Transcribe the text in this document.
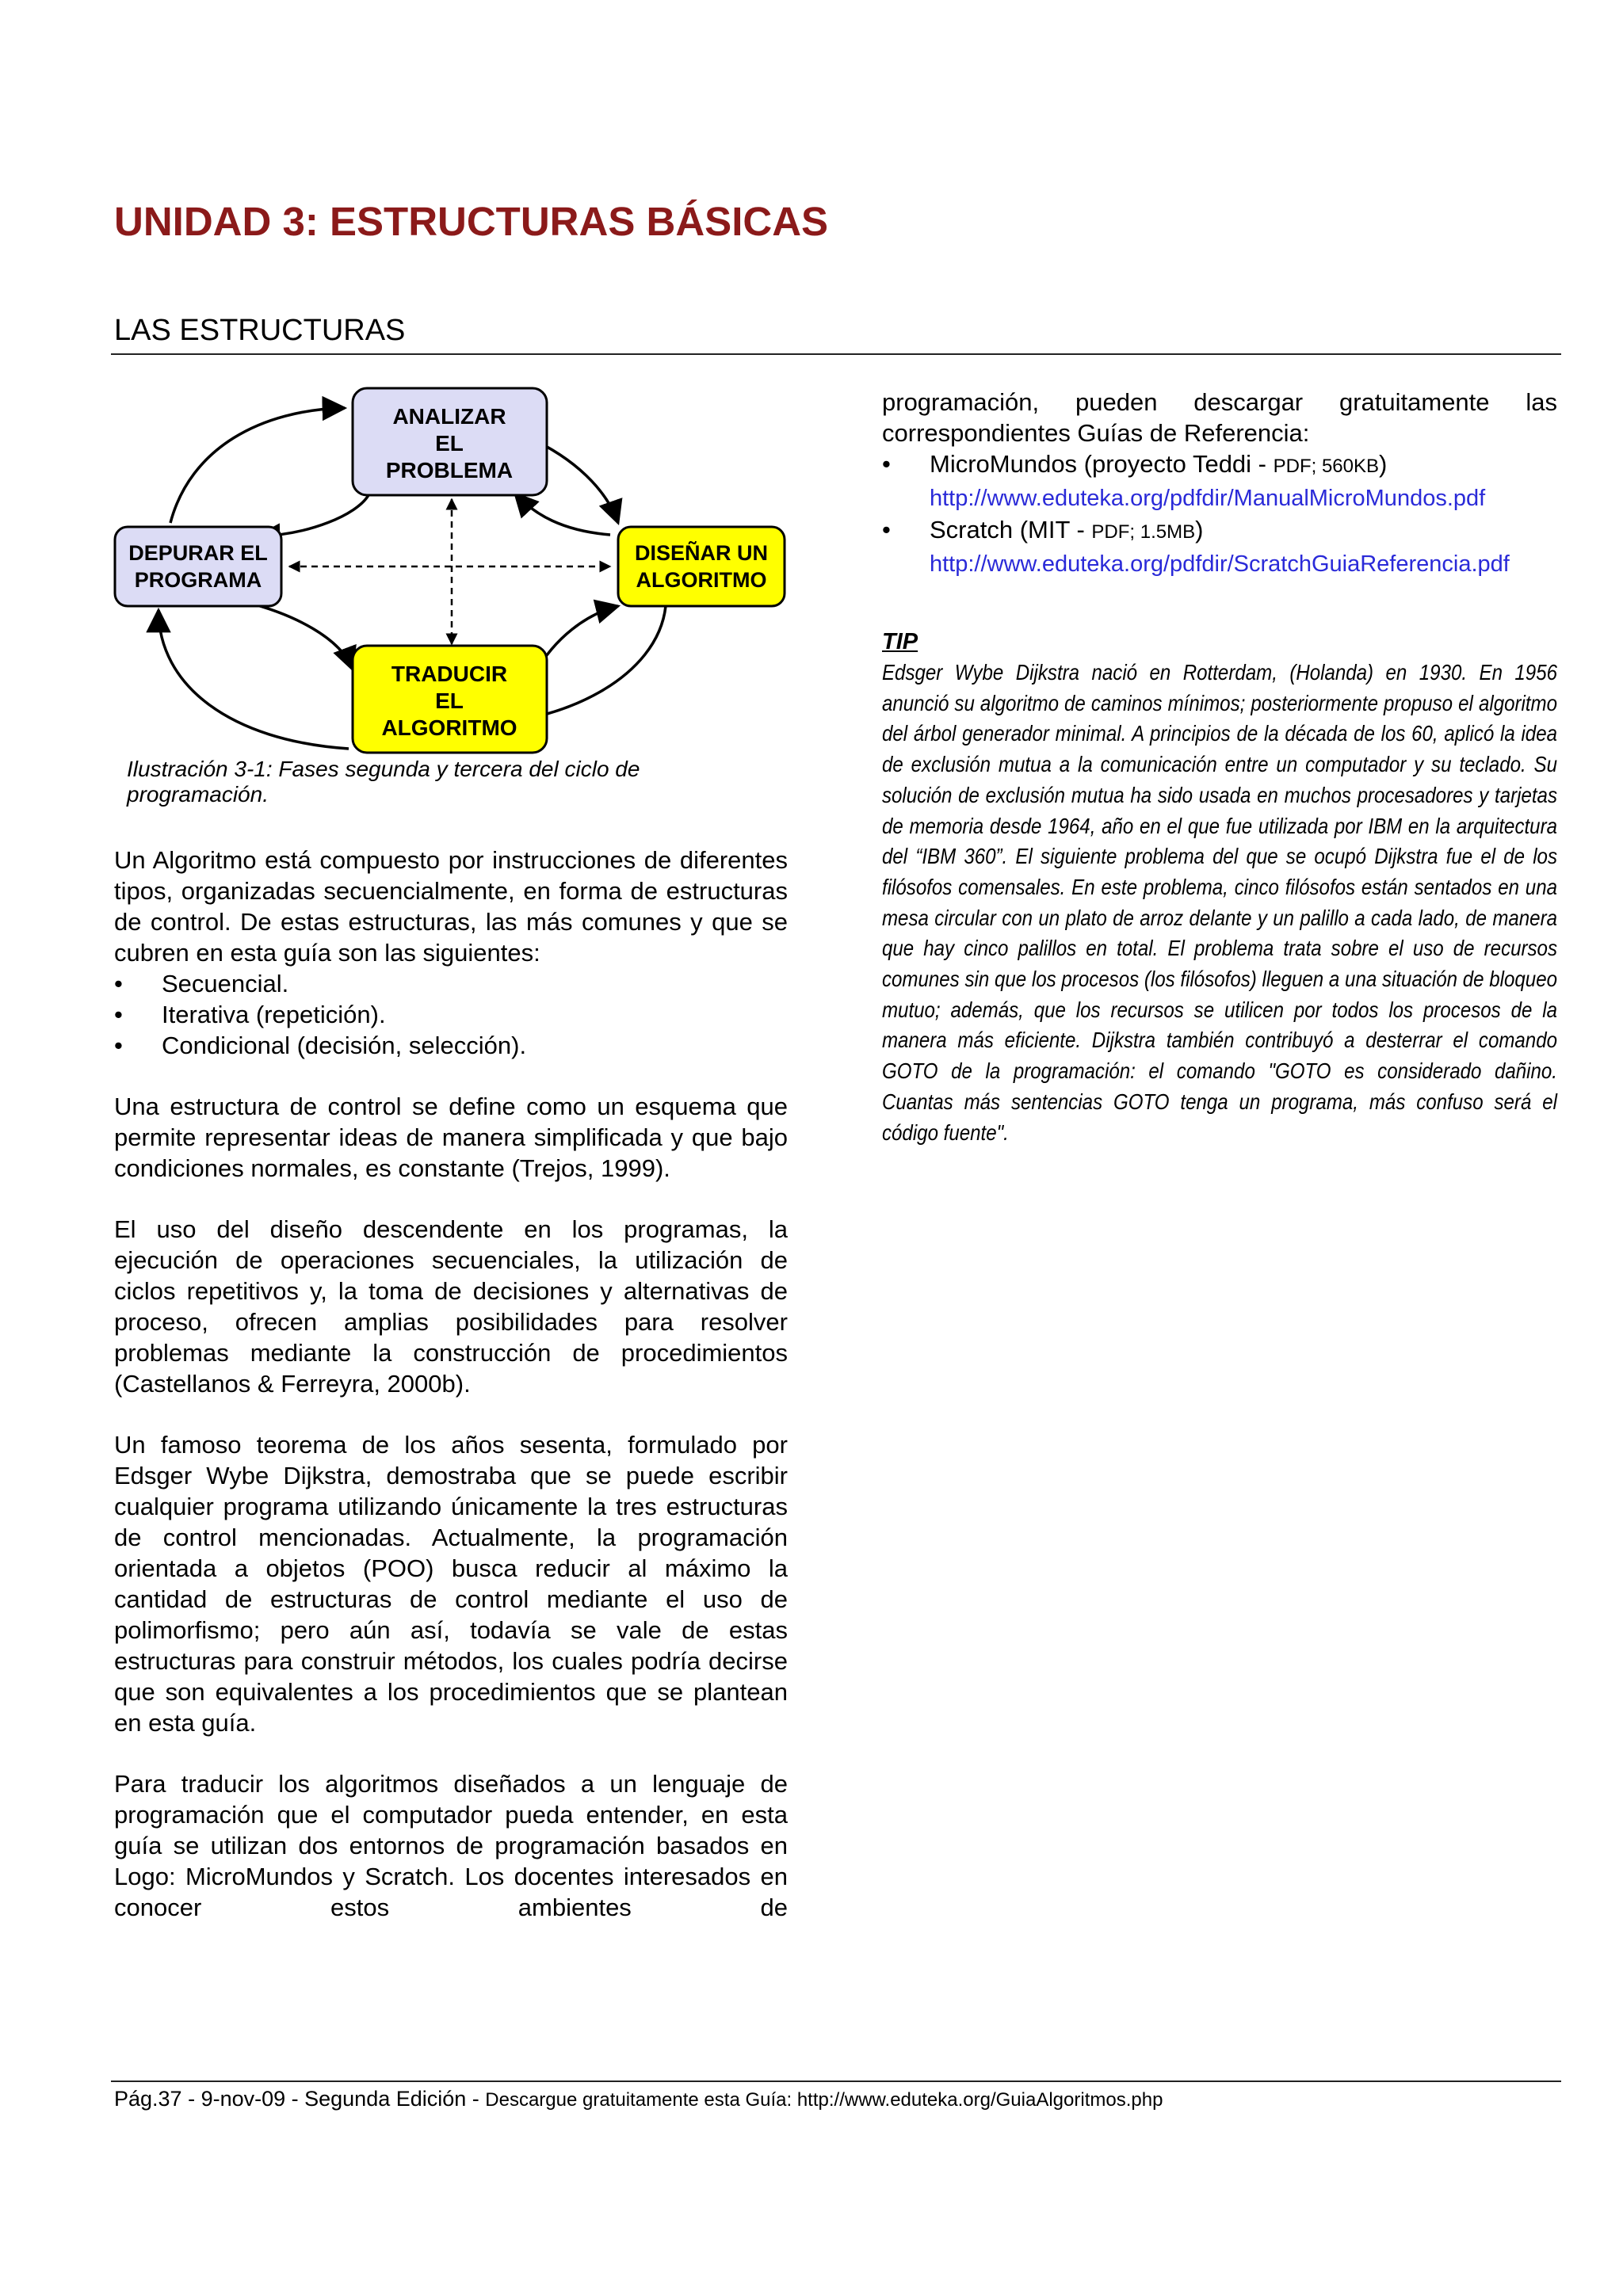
UNIDAD 3: ESTRUCTURAS BÁSICAS
LAS ESTRUCTURAS
ANALIZAR
EL
PROBLEMA
DEPURAR EL
PROGRAMA
DISEÑAR UN
ALGORITMO
TRADUCIR
EL
ALGORITMO

Ilustración 3-1: Fases segunda y tercera del ciclo de programación.

Un Algoritmo está compuesto por instrucciones de diferentes tipos, organizadas secuencialmente, en forma de estructuras de control. De estas estructuras, las más comunes y que se cubren en esta guía son las siguientes:

• Secuencial.
• Iterativa (repetición).
• Condicional (decisión, selección).

Una estructura de control se define como un esquema que permite representar ideas de manera simplificada y que bajo condiciones normales, es constante (Trejos, 1999).

El uso del diseño descendente en los programas, la ejecución de operaciones secuenciales, la utilización de ciclos repetitivos y, la toma de decisiones y alternativas de proceso, ofrecen amplias posibilidades para resolver problemas mediante la construcción de procedimientos (Castellanos & Ferreyra, 2000b).

Un famoso teorema de los años sesenta, formulado por Edsger Wybe Dijkstra, demostraba que se puede escribir cualquier programa utilizando únicamente la tres estructuras de control mencionadas. Actualmente, la programación orientada a objetos (POO) busca reducir al máximo la cantidad de estructuras de control mediante el uso de polimorfismo; pero aún así, todavía se vale de estas estructuras para construir métodos, los cuales podría decirse que son equivalentes a los procedimientos que se plantean en esta guía.

Para traducir los algoritmos diseñados a un lenguaje de programación que el computador pueda entender, en esta guía se utilizan dos entornos de programación basados en Logo: MicroMundos y Scratch. Los docentes interesados en conocer estos ambientes de

programación, pueden descargar gratuitamente las correspondientes Guías de Referencia:

• MicroMundos (proyecto Teddi - PDF; 560KB)
http://www.eduteka.org/pdfdir/ManualMicroMundos.pdf
• Scratch (MIT - PDF; 1.5MB)
http://www.eduteka.org/pdfdir/ScratchGuiaReferencia.pdf

TIP

Edsger Wybe Dijkstra nació en Rotterdam, (Holanda) en 1930. En 1956 anunció su algoritmo de caminos mínimos; posteriormente propuso el algoritmo del árbol generador minimal. A principios de la década de los 60, aplicó la idea de exclusión mutua a la comunicación entre un computador y su teclado. Su solución de exclusión mutua ha sido usada en muchos procesadores y tarjetas de memoria desde 1964, año en el que fue utilizada por IBM en la arquitectura del “IBM 360”. El siguiente problema del que se ocupó Dijkstra fue el de los filósofos comensales. En este problema, cinco filósofos están sentados en una mesa circular con un plato de arroz delante y un palillo a cada lado, de manera que hay cinco palillos en total. El problema trata sobre el uso de recursos comunes sin que los procesos (los filósofos) lleguen a una situación de bloqueo mutuo; además, que los recursos se utilicen por todos los procesos de la manera más eficiente. Dijkstra también contribuyó a desterrar el comando GOTO de la programación: el comando "GOTO es considerado dañino. Cuantas más sentencias GOTO tenga un programa, más confuso será el código fuente".

Pág.37 - 9-nov-09 - Segunda Edición - Descargue gratuitamente esta Guía: http://www.eduteka.org/GuiaAlgoritmos.php
